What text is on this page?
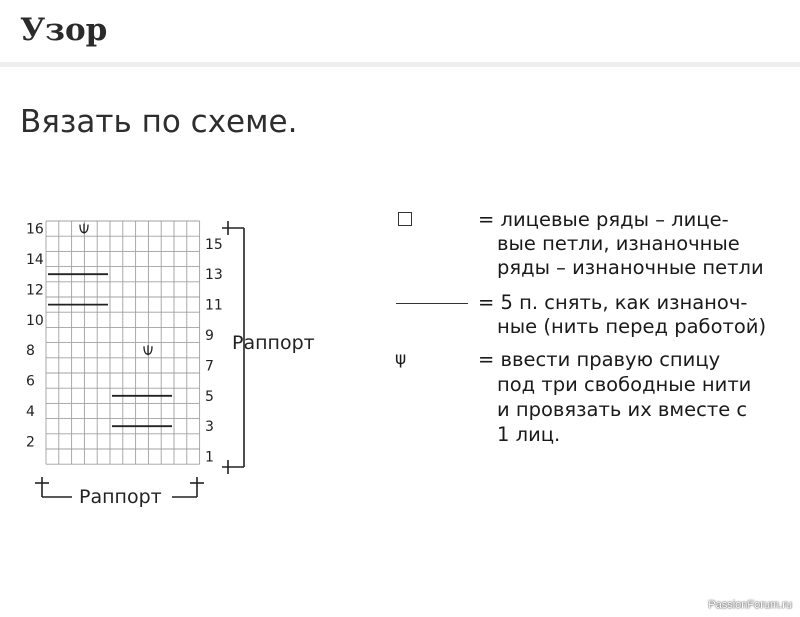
Узор
Вязать по схеме.
16
14
12
10
8
6
4
2
15
13
11
9
7
5
3
1
Раппорт
Раппорт
= лицевые ряды – лице-
вые петли, изнаночные
ряды – изнаночные петли
= 5 п. снять, как изнаноч-
ные (нить перед работой)
ψ	= ввести правую спицу
под три свободные нити
и провязать их вместе с
1 лиц.
PassionForum.ru
